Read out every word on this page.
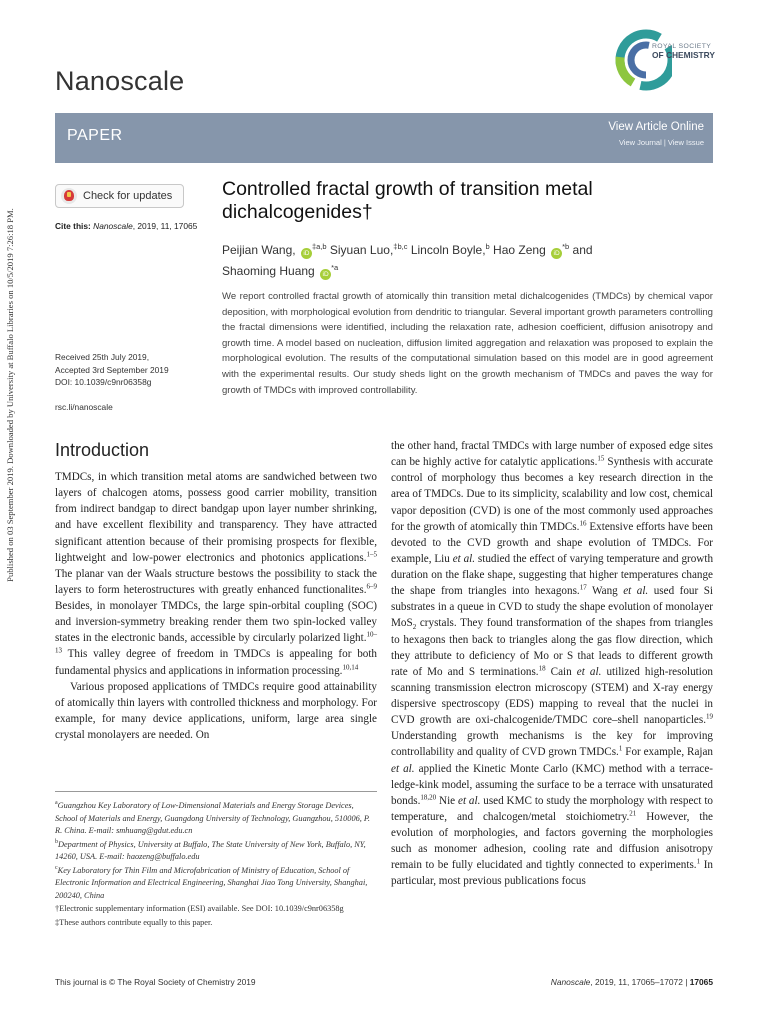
Published on 03 September 2019. Downloaded by University at Buffalo Libraries on 10/5/2019 7:26:18 PM.
Nanoscale
ROYAL SOCIETY
OF CHEMISTRY
PAPER	View Article Online
View Journal | View Issue
Check for updates
Cite this: Nanoscale, 2019, 11, 17065
Controlled fractal growth of transition metal dichalcogenides†
Peijian Wang, iD$^{\ddagger a,b}$ Siyuan Luo,$^{\ddagger b,c}$ Lincoln Boyle,$^b$ Hao Zeng $iD^{*b}$ and
Shaoming Huang $iD^{*a}$
Received 25th July 2019,
Accepted 3rd September 2019
DOI: 10.1039/c9nr06358g
rsc.li/nanoscale
We report controlled fractal growth of atomically thin transition metal dichalcogenides (TMDCs) by chemical vapor deposition, with morphological evolution from dendritic to triangular. Several important growth parameters controlling the fractal dimensions were identified, including the relaxation rate, adhesion coefficient, diffusion anisotropy and growth time. A model based on nucleation, diffusion limited aggregation and relaxation was proposed to explain the morphological evolution. The results of the computational simulation based on this model are in good agreement with the experimental results. Our study sheds light on the growth mechanism of TMDCs and paves the way for growth of TMDCs with improved controllability.
Introduction

TMDCs, in which transition metal atoms are sandwiched between two layers of chalcogen atoms, possess good carrier mobility, transition from indirect bandgap to direct bandgap upon layer number shrinking, and have excellent flexibility and transparency. They have attracted significant attention because of their promising prospects for flexible, lightweight and low-power electronics and photonics applications.$^{1-5}$ The planar van der Waals structure bestows the possibility to stack the layers to form heterostructures with greatly enhanced functionalites.$^{6-9}$ Besides, in monolayer TMDCs, the large spin-orbital coupling (SOC) and inversion-symmetry breaking render them two spin-locked valley states in the electronic bands, accessible by circularly polarized light.$^{10-13}$ This valley degree of freedom in TMDCs is appealing for both fundamental physics and applications in information processing.$^{10,14}$

Various proposed applications of TMDCs require good attainability of atomically thin layers with controlled thickness and morphology. For example, for many device applications, uniform, large area single crystal monolayers are needed. On

the other hand, fractal TMDCs with large number of exposed edge sites can be highly active for catalytic applications.$^{15}$ Synthesis with accurate control of morphology thus becomes a key research direction in the area of TMDCs. Due to its simplicity, scalability and low cost, chemical vapor deposition (CVD) is one of the most commonly used approaches for the growth of atomically thin TMDCs.$^{16}$ Extensive efforts have been devoted to the CVD growth and shape evolution of TMDCs. For example, Liu et al. studied the effect of varying temperature and growth duration on the flake shape, suggesting that higher temperatures change the shape from triangles into hexagons.$^{17}$ Wang et al. used four Si substrates in a queue in CVD to study the shape evolution of monolayer MoS$_2$ crystals. They found transformation of the shapes from triangles to hexagons then back to triangles along the gas flow direction, which they attribute to deficiency of Mo or S that leads to different growth rate of Mo and S terminations.$^{18}$ Cain et al. utilized high-resolution scanning transmission electron microscopy (STEM) and X-ray energy dispersive spectroscopy (EDS) mapping to reveal that the nuclei in CVD growth are oxi-chalcogenide/TMDC core–shell nanoparticles.$^{19}$ Understanding growth mechanisms is the key for improving controllability and quality of CVD grown TMDCs.$^1$ For example, Rajan et al. applied the Kinetic Monte Carlo (KMC) method with a terrace-ledge-kink model, assuming the surface to be a terrace with unsaturated bonds.$^{18,20}$ Nie et al. used KMC to study the morphology with respect to temperature, and chalcogen/metal stoichiometry.$^{21}$ However, the evolution of morphologies, and factors governing the morphologies such as monomer adhesion, cooling rate and diffusion anisotropy remain to be fully elucidated and tightly connected to experiments.$^1$ In particular, most previous publications focus

$^a$Guangzhou Key Laboratory of Low-Dimensional Materials and Energy Storage Devices, School of Materials and Energy, Guangdong University of Technology, Guangzhou, 510006, P. R. China. E-mail: smhuang@gdut.edu.cn

$^b$Department of Physics, University at Buffalo, The State University of New York, Buffalo, NY, 14260, USA. E-mail: haozeng@buffalo.edu

$^c$Key Laboratory for Thin Film and Microfabrication of Ministry of Education, School of Electronic Information and Electrical Engineering, Shanghai Jiao Tong University, Shanghai, 200240, China

†Electronic supplementary information (ESI) available. See DOI: 10.1039/c9nr06358g

‡These authors contribute equally to this paper.

This journal is © The Royal Society of Chemistry 2019	Nanoscale, 2019, 11, 17065–17072 | 17065
